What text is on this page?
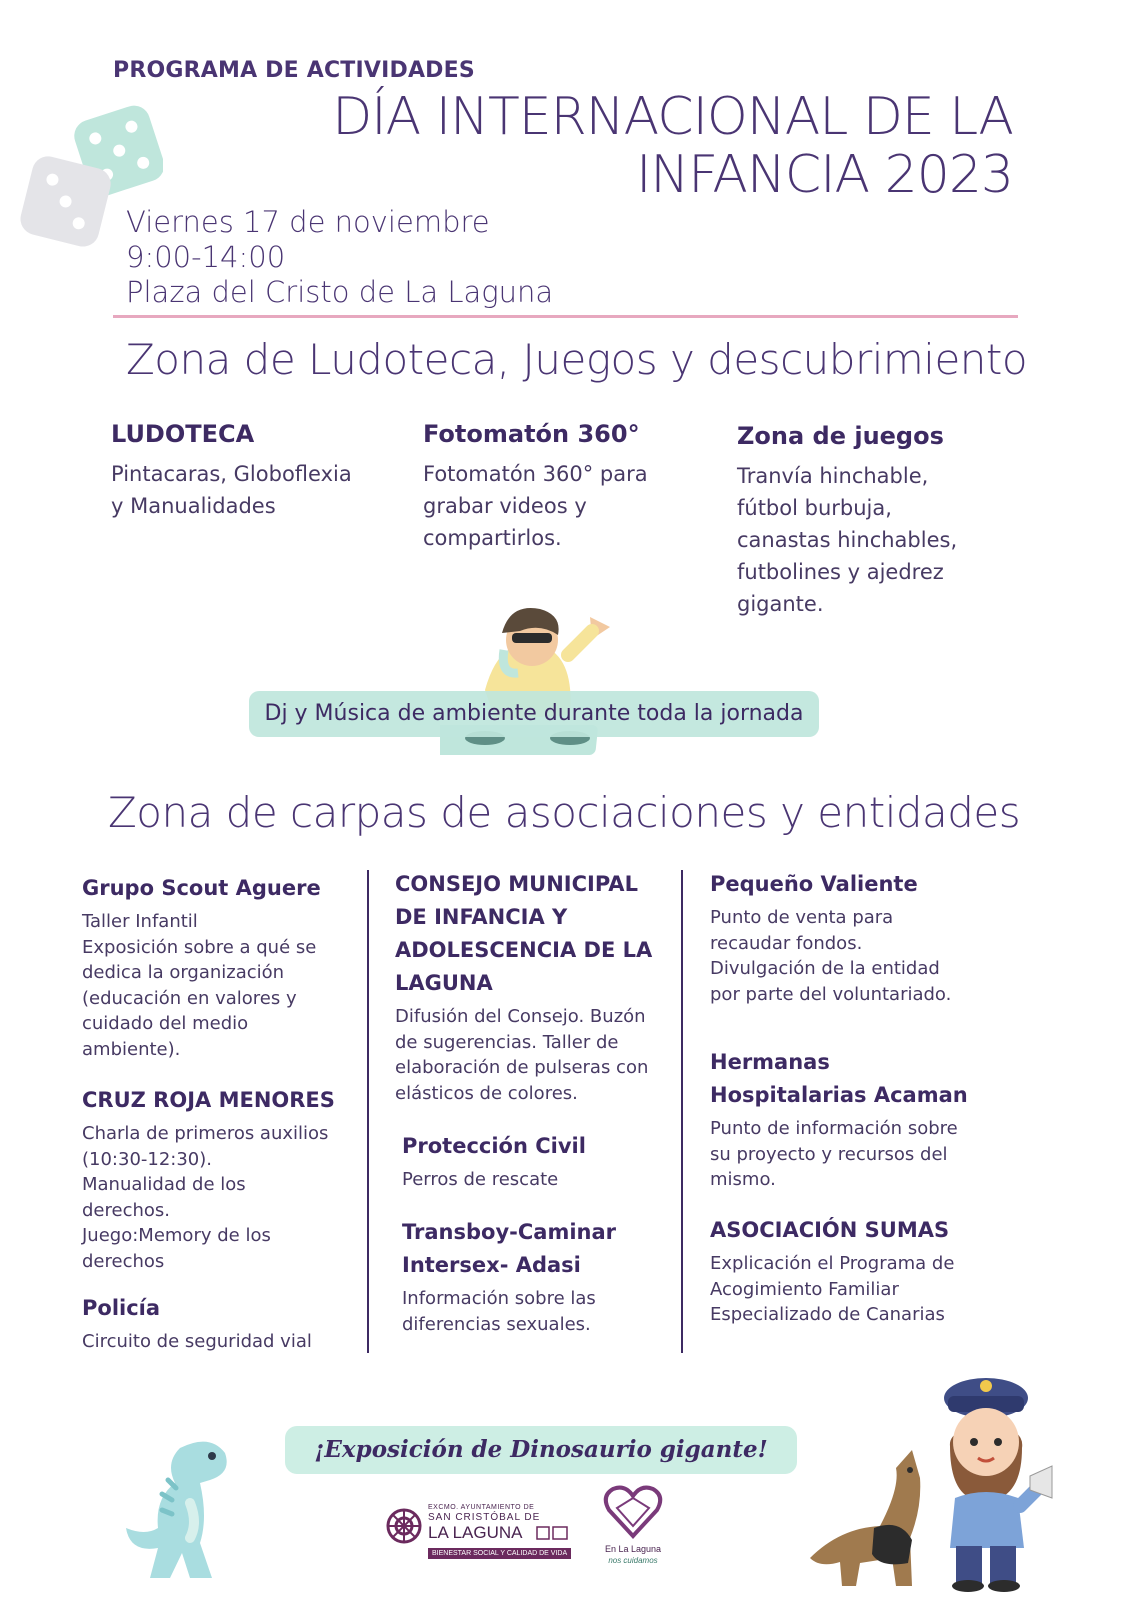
PROGRAMA DE ACTIVIDADES
DÍA INTERNACIONAL DE LA
INFANCIA 2023
Viernes 17 de noviembre
9:00-14:00
Plaza del Cristo de La Laguna
Zona de Ludoteca, Juegos y descubrimiento
LUDOTECA
Pintacaras, Globoflexia
y Manualidades
Fotomatón 360°
Fotomatón 360° para
grabar videos y
compartirlos.
Zona de juegos
Tranvía hinchable,
fútbol burbuja,
canastas hinchables,
futbolines y ajedrez
gigante.
Dj y Música de ambiente durante toda la jornada
Zona de carpas de asociaciones y entidades
Grupo Scout Aguere
Taller Infantil
Exposición sobre a qué se
dedica la organización
(educación en valores y
cuidado del medio
ambiente).
CRUZ ROJA MENORES
Charla de primeros auxilios
(10:30-12:30).
Manualidad de los
derechos.
Juego:Memory de los
derechos
Policía
Circuito de seguridad vial
CONSEJO MUNICIPAL
DE INFANCIA Y
ADOLESCENCIA DE LA
LAGUNA
Difusión del Consejo. Buzón
de sugerencias. Taller de
elaboración de pulseras con
elásticos de colores.
Protección Civil
Perros de rescate
Transboy-Caminar
Intersex- Adasi
Información sobre las
diferencias sexuales.
Pequeño Valiente
Punto de venta para
recaudar fondos.
Divulgación de la entidad
por parte del voluntariado.
Hermanas
Hospitalarias Acaman
Punto de información sobre
su proyecto y recursos del
mismo.
ASOCIACIÓN SUMAS
Explicación el Programa de
Acogimiento Familiar
Especializado de Canarias
¡Exposición de Dinosaurio gigante!
EXCMO. AYUNTAMIENTO DE
SAN CRISTÓBAL DE
LA LAGUNA
BIENESTAR SOCIAL Y CALIDAD DE VIDA	En La Laguna
nos cuidamos
